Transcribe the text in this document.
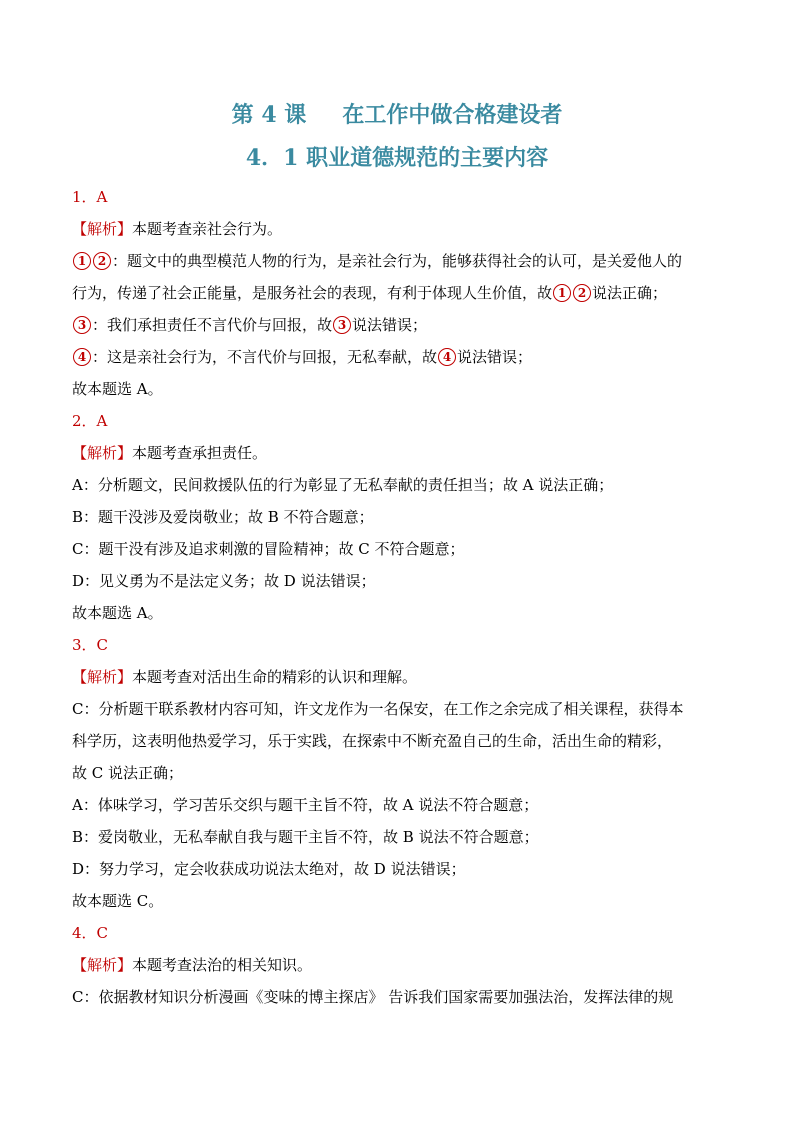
第 4 课 在工作中做合格建设者
4．1 职业道德规范的主要内容
1．A
【解析】本题考查亲社会行为。
1 2 ：题文中的典型模范人物的行为，是亲社会行为，能够获得社会的认可，是关爱他人的
行为，传递了社会正能量，是服务社会的表现，有利于体现人生价值，故 1 2 说法正确；
3 ：我们承担责任不言代价与回报，故 3 说法错误；
4 ：这是亲社会行为，不言代价与回报，无私奉献，故 4 说法错误；
故本题选 A。
2．A
【解析】本题考查承担责任。
A：分析题文，民间救援队伍的行为彰显了无私奉献的责任担当；故 A 说法正确；
B：题干没涉及爱岗敬业；故 B 不符合题意；
C：题干没有涉及追求刺激的冒险精神；故 C 不符合题意；
D：见义勇为不是法定义务；故 D 说法错误；
故本题选 A。
3．C
【解析】本题考查对活出生命的精彩的认识和理解。
C：分析题干联系教材内容可知，许文龙作为一名保安，在工作之余完成了相关课程，获得本
科学历，这表明他热爱学习，乐于实践，在探索中不断充盈自己的生命，活出生命的精彩，
故 C 说法正确；
A：体味学习，学习苦乐交织与题干主旨不符，故 A 说法不符合题意；
B：爱岗敬业，无私奉献自我与题干主旨不符，故 B 说法不符合题意；
D：努力学习，定会收获成功说法太绝对，故 D 说法错误；
故本题选 C。
4．C
【解析】本题考查法治的相关知识。
C：依据教材知识分析漫画《变味的博主探店》 告诉我们国家需要加强法治，发挥法律的规
